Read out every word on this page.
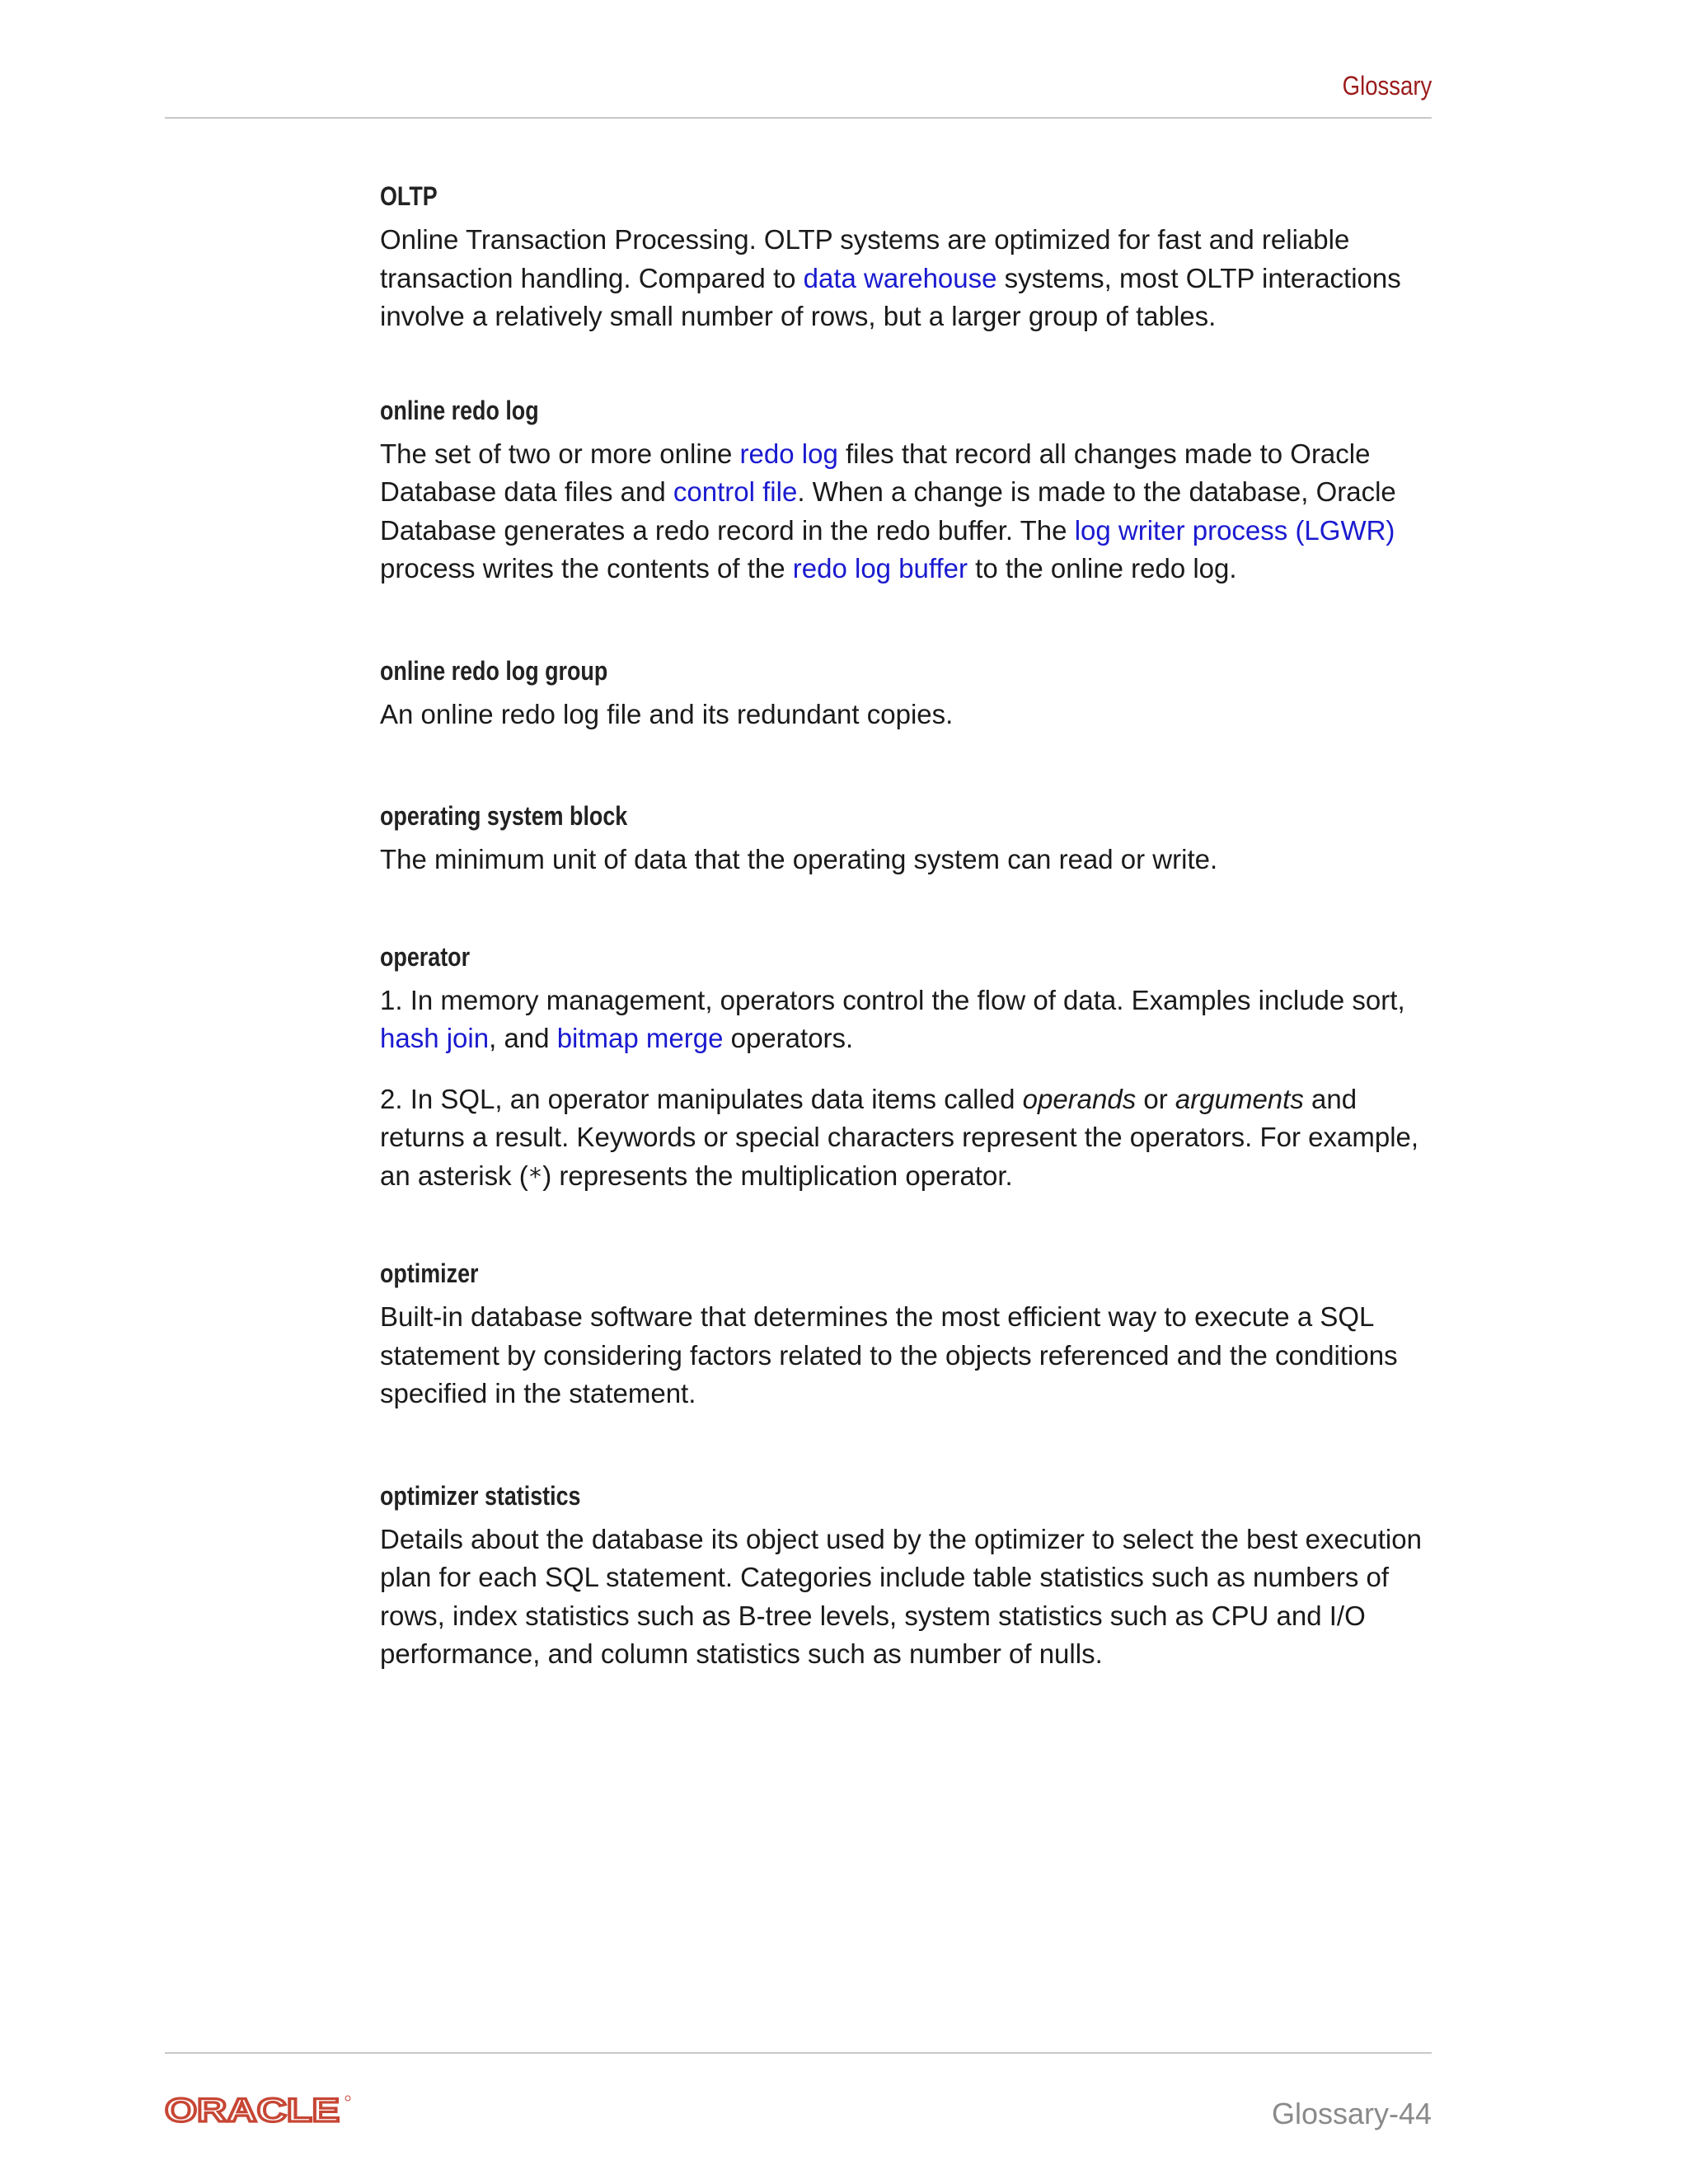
Glossary
OLTP

Online Transaction Processing. OLTP systems are optimized for fast and reliable transaction handling. Compared to data warehouse systems, most OLTP interactions involve a relatively small number of rows, but a larger group of tables.

online redo log

The set of two or more online redo log files that record all changes made to Oracle Database data files and control file. When a change is made to the database, Oracle Database generates a redo record in the redo buffer. The log writer process (LGWR) process writes the contents of the redo log buffer to the online redo log.

online redo log group

An online redo log file and its redundant copies.

operating system block

The minimum unit of data that the operating system can read or write.

operator

1. In memory management, operators control the flow of data. Examples include sort, hash join, and bitmap merge operators.

2. In SQL, an operator manipulates data items called operands or arguments and returns a result. Keywords or special characters represent the operators. For example, an asterisk (*) represents the multiplication operator.

optimizer

Built-in database software that determines the most efficient way to execute a SQL statement by considering factors related to the objects referenced and the conditions specified in the statement.

optimizer statistics

Details about the database its object used by the optimizer to select the best execution plan for each SQL statement. Categories include table statistics such as numbers of rows, index statistics such as B-tree levels, system statistics such as CPU and I/O performance, and column statistics such as number of nulls.

ORACLE	Glossary-44
